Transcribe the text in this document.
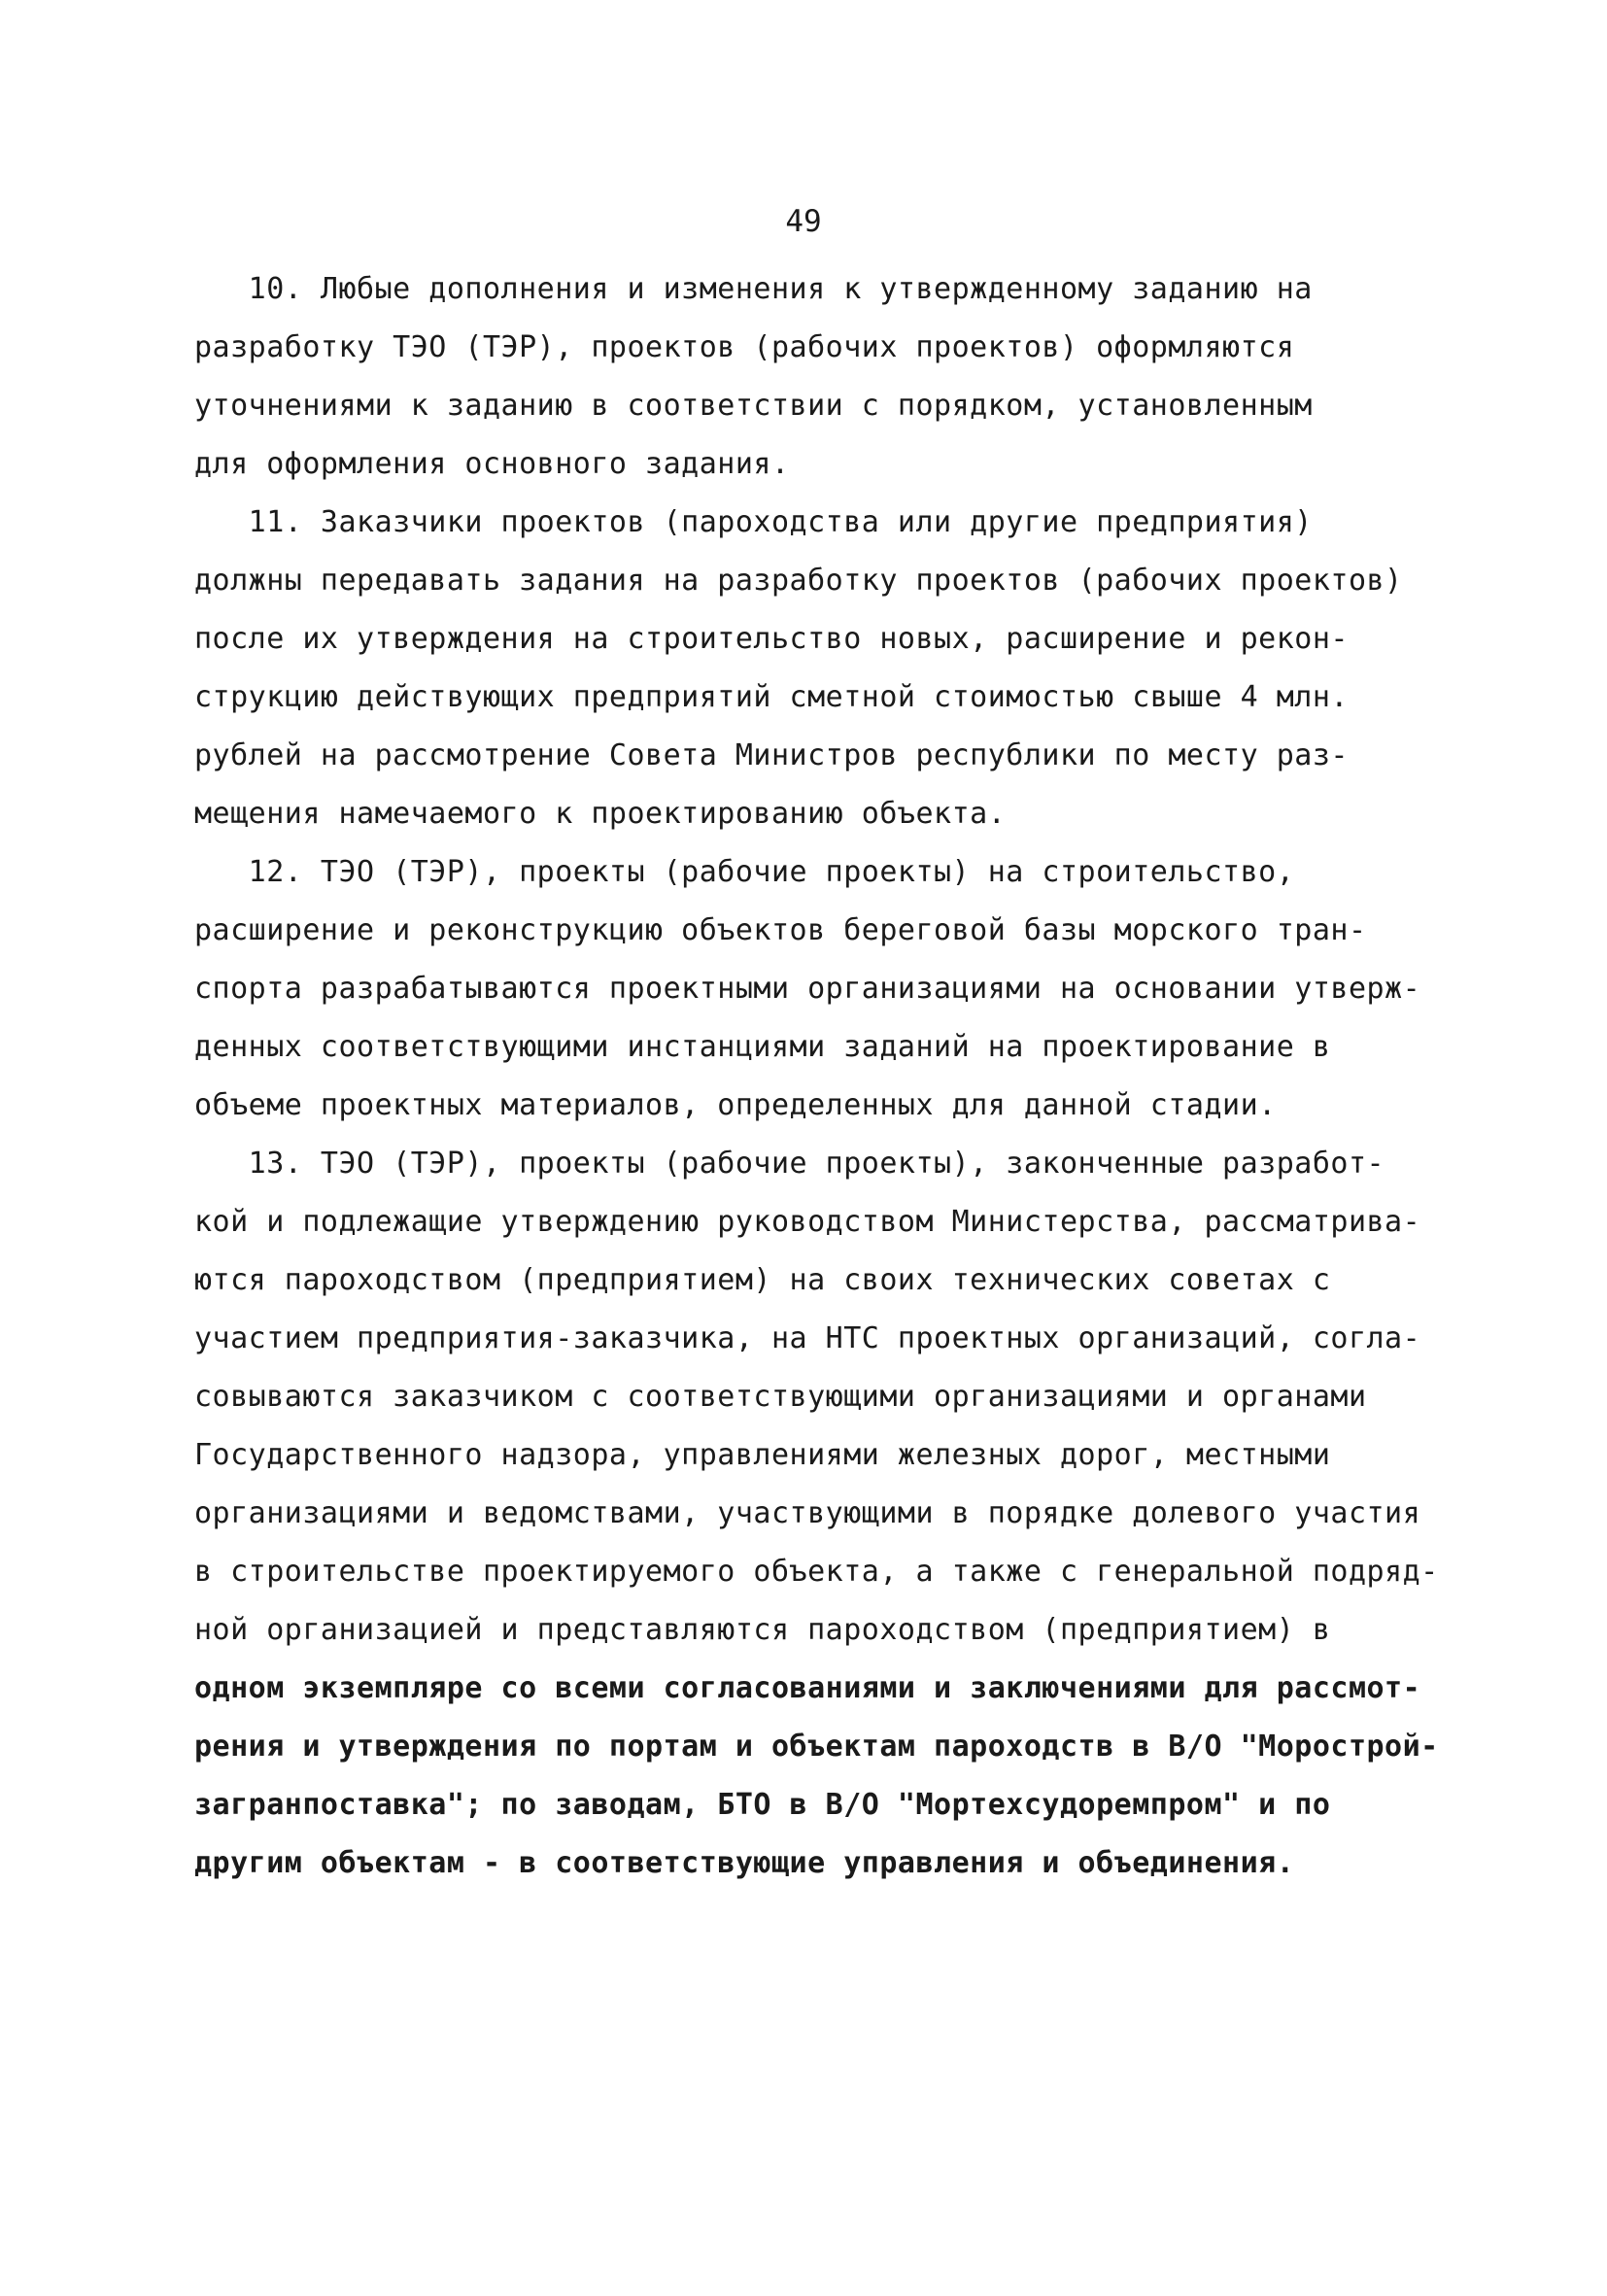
49
10. Любые дополнения и изменения к утвержденному заданию на
разработку ТЭО (ТЭР), проектов (рабочих проектов) оформляются
уточнениями к заданию в соответствии с порядком, установленным
для оформления основного задания.
11. Заказчики проектов (пароходства или другие предприятия)
должны передавать задания на разработку проектов (рабочих проектов)
после их утверждения на строительство новых, расширение и рекон-
струкцию действующих предприятий сметной стоимостью свыше 4 млн.
рублей на рассмотрение Совета Министров республики по месту раз-
мещения намечаемого к проектированию объекта.
12. ТЭО (ТЭР), проекты (рабочие проекты) на строительство,
расширение и реконструкцию объектов береговой базы морского тран-
спорта разрабатываются проектными организациями на основании утверж-
денных соответствующими инстанциями заданий на проектирование в
объеме проектных материалов, определенных для данной стадии.
13. ТЭО (ТЭР), проекты (рабочие проекты), законченные разработ-
кой и подлежащие утверждению руководством Министерства, рассматрива-
ются пароходством (предприятием) на своих технических советах с
участием предприятия-заказчика, на НТС проектных организаций, согла-
совываются заказчиком с соответствующими организациями и органами
Государственного надзора, управлениями железных дорог, местными
организациями и ведомствами, участвующими в порядке долевого участия
в строительстве проектируемого объекта, а также с генеральной подряд-
ной организацией и представляются пароходством (предприятием) в
одном экземпляре со всеми согласованиями и заключениями для рассмот-
рения и утверждения по портам и объектам пароходств в В/О "Морострой-
загранпоставка"; по заводам, БТО в В/О "Мортехсудоремпром" и по
другим объектам - в соответствующие управления и объединения.
